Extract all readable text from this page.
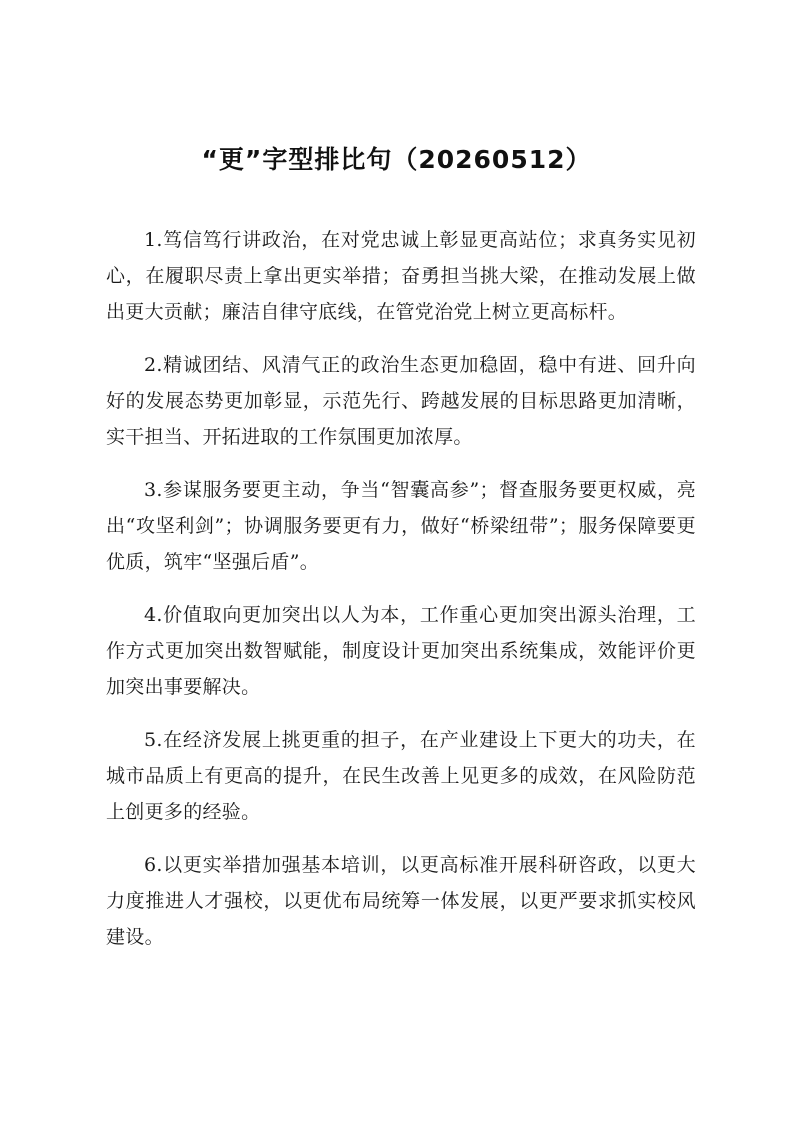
“更”字型排比句（20260512）

1.笃信笃行讲政治，在对党忠诚上彰显更高站位；求真务实见初心，在履职尽责上拿出更实举措；奋勇担当挑大梁，在推动发展上做出更大贡献；廉洁自律守底线，在管党治党上树立更高标杆。

2.精诚团结、风清气正的政治生态更加稳固，稳中有进、回升向好的发展态势更加彰显，示范先行、跨越发展的目标思路更加清晰，实干担当、开拓进取的工作氛围更加浓厚。

3.参谋服务要更主动，争当“智囊高参”；督查服务要更权威，亮出“攻坚利剑”；协调服务要更有力，做好“桥梁纽带”；服务保障要更优质，筑牢“坚强后盾”。

4.价值取向更加突出以人为本，工作重心更加突出源头治理，工作方式更加突出数智赋能，制度设计更加突出系统集成，效能评价更加突出事要解决。

5.在经济发展上挑更重的担子，在产业建设上下更大的功夫，在城市品质上有更高的提升，在民生改善上见更多的成效，在风险防范上创更多的经验。

6.以更实举措加强基本培训，以更高标准开展科研咨政，以更大力度推进人才强校，以更优布局统筹一体发展，以更严要求抓实校风建设。
